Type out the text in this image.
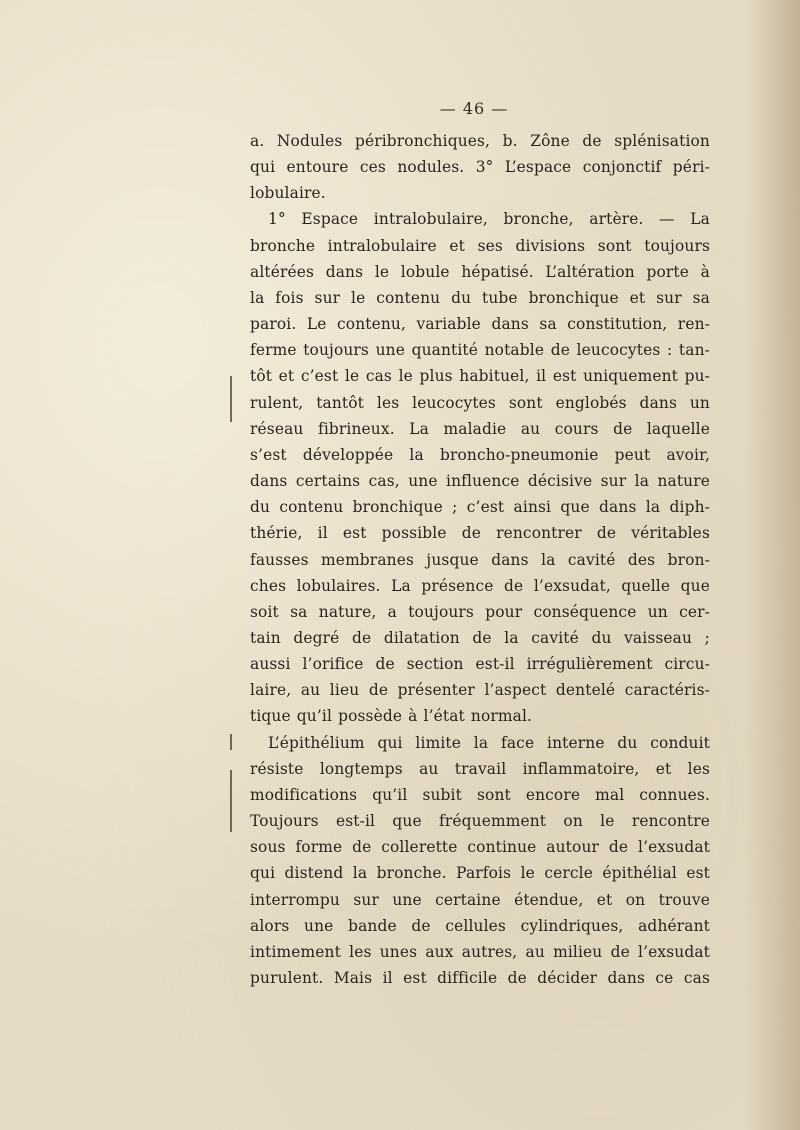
— 46 —
a. Nodules péribronchiques, b. Zône de splénisation
qui entoure ces nodules. 3° L’espace conjonctif péri-
lobulaire.
1° Espace intralobulaire, bronche, artère. — La
bronche intralobulaire et ses divisions sont toujours
altérées dans le lobule hépatisé. L’altération porte à
la fois sur le contenu du tube bronchique et sur sa
paroi. Le contenu, variable dans sa constitution, ren-
ferme toujours une quantité notable de leucocytes : tan-
tôt et c’est le cas le plus habituel, il est uniquement pu-
rulent, tantôt les leucocytes sont englobés dans un
réseau fibrineux. La maladie au cours de laquelle
s’est développée la broncho-pneumonie peut avoir,
dans certains cas, une influence décisive sur la nature
du contenu bronchique ; c’est ainsi que dans la diph-
thérie, il est possible de rencontrer de véritables
fausses membranes jusque dans la cavité des bron-
ches lobulaires. La présence de l’exsudat, quelle que
soit sa nature, a toujours pour conséquence un cer-
tain degré de dilatation de la cavité du vaisseau ;
aussi l’orifice de section est-il irrégulièrement circu-
laire, au lieu de présenter l’aspect dentelé caractéris-
tique qu’il possède à l’état normal.
L’épithélium qui limite la face interne du conduit
résiste longtemps au travail inflammatoire, et les
modifications qu’il subit sont encore mal connues.
Toujours est-il que fréquemment on le rencontre
sous forme de collerette continue autour de l’exsudat
qui distend la bronche. Parfois le cercle épithélial est
interrompu sur une certaine étendue, et on trouve
alors une bande de cellules cylindriques, adhérant
intimement les unes aux autres, au milieu de l’exsudat
purulent. Mais il est difficile de décider dans ce cas
